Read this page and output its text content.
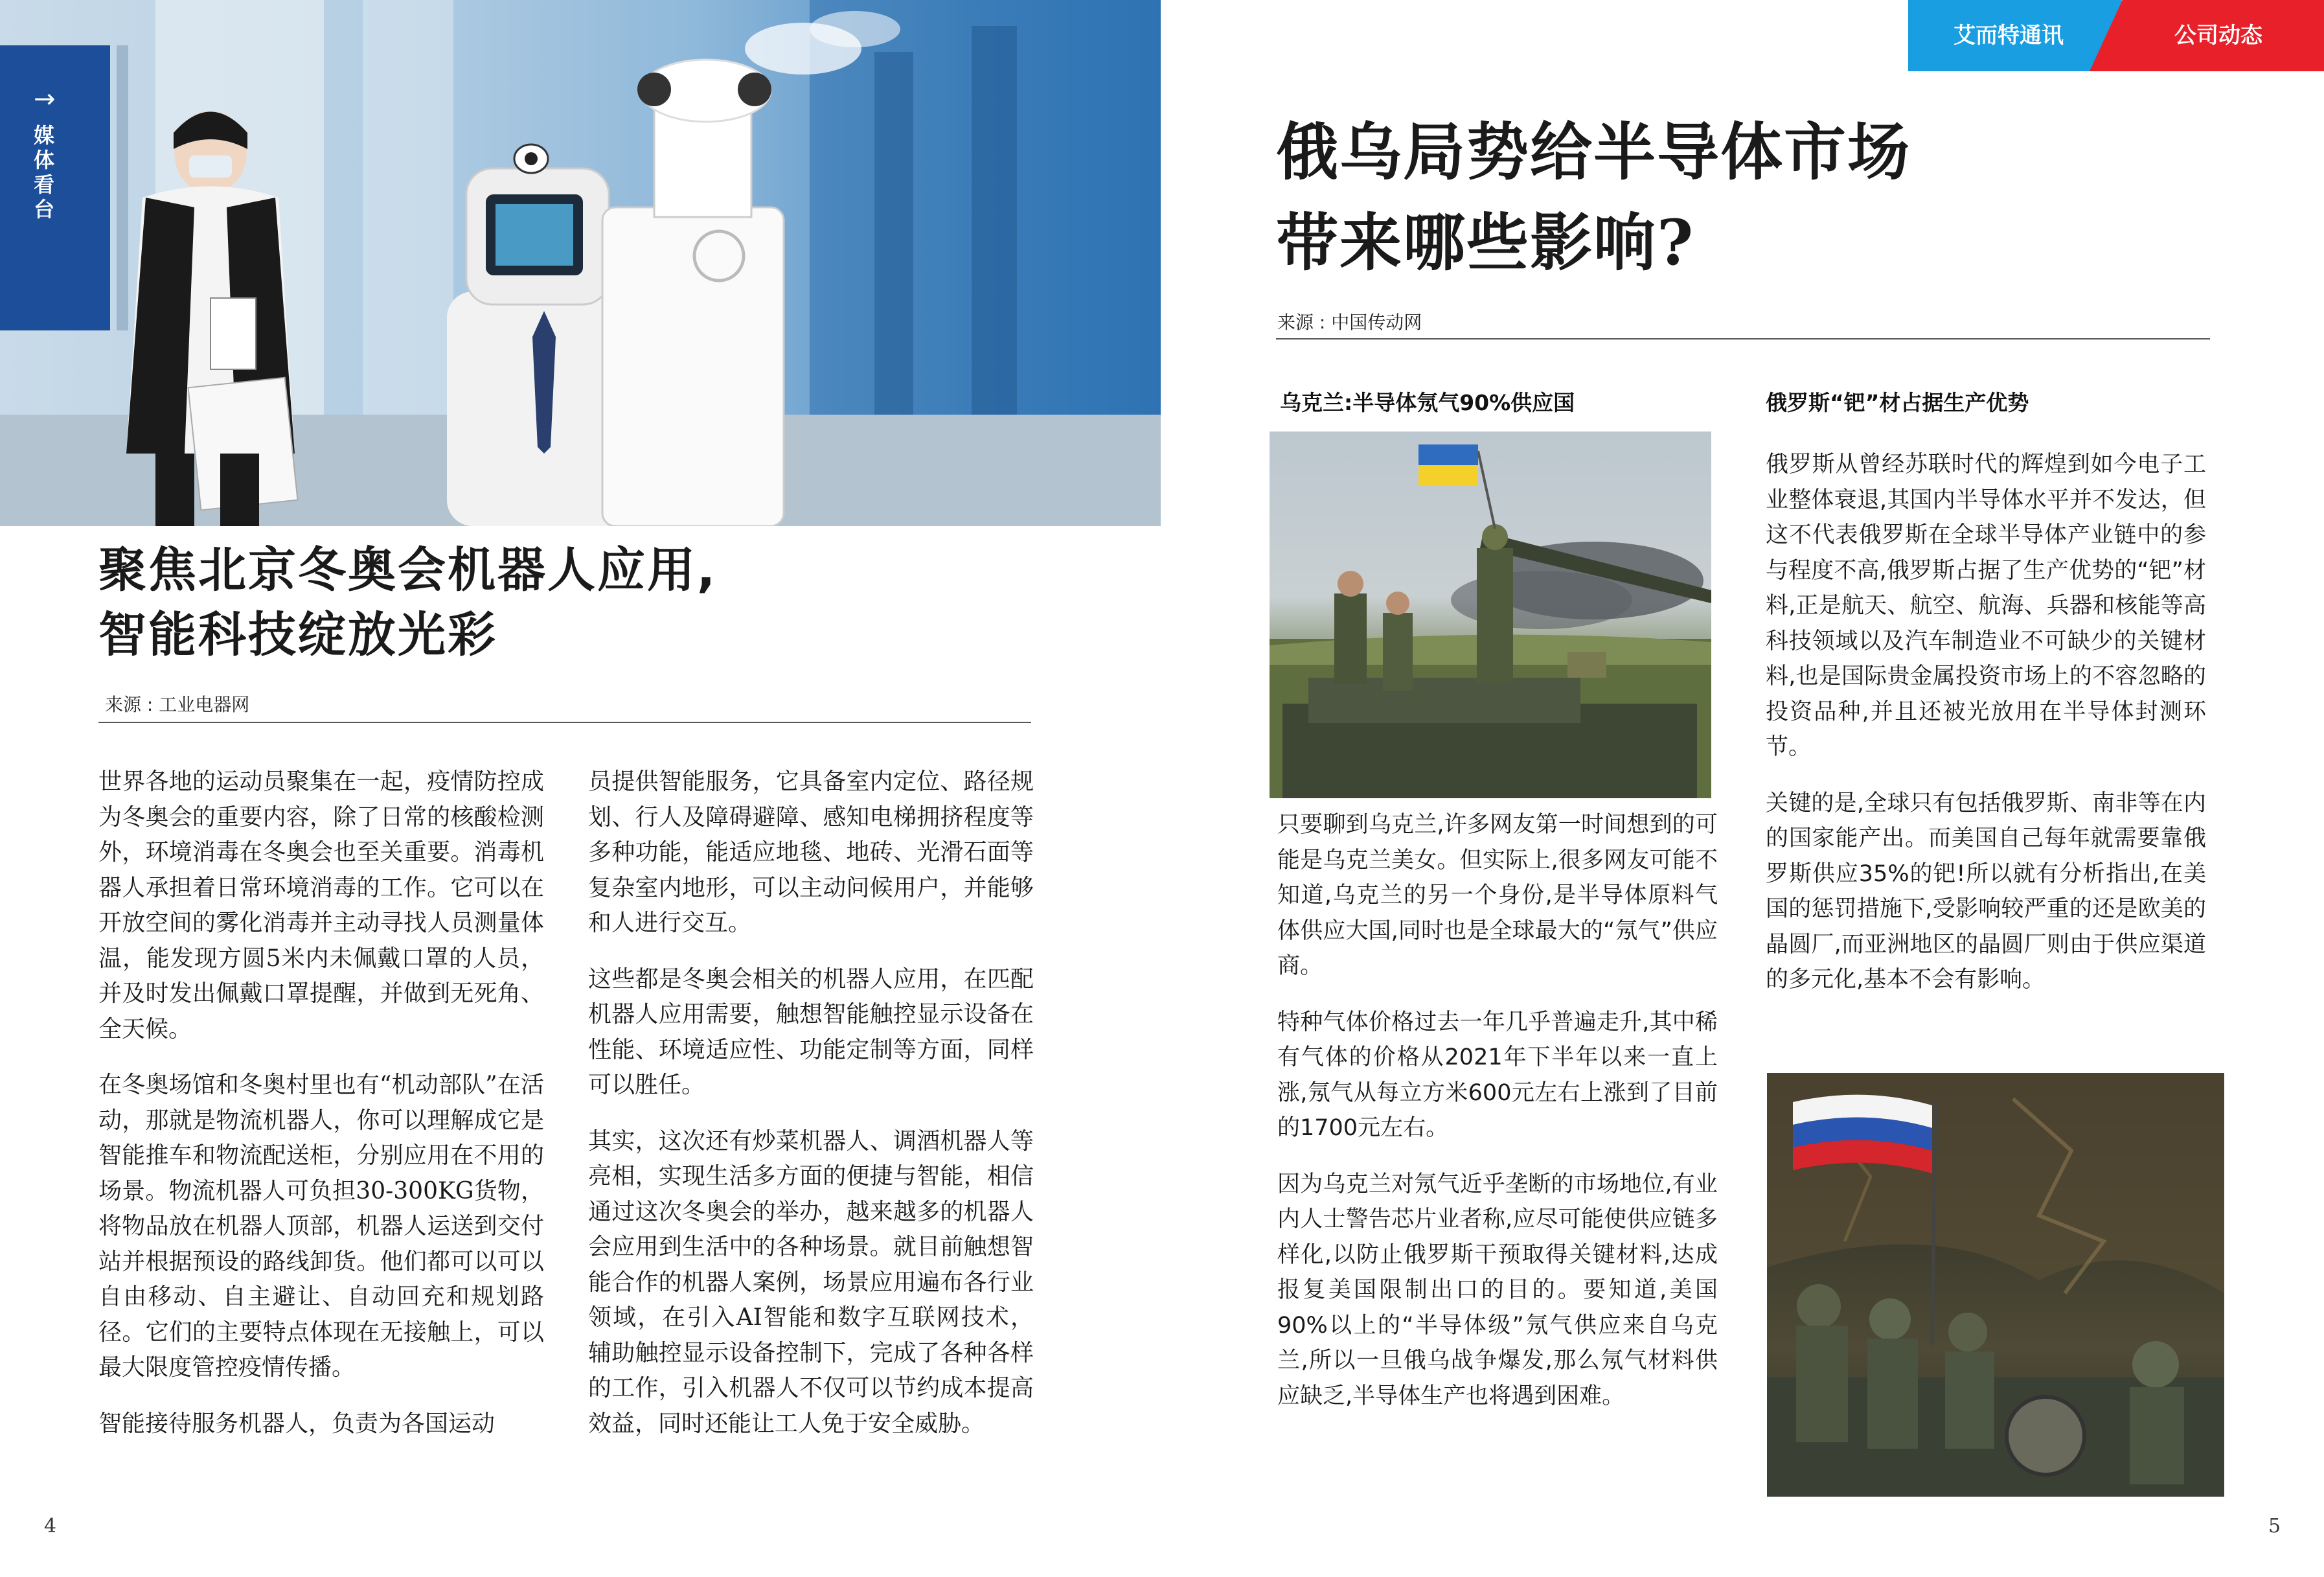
艾而特通讯	公司动态
媒体看台
→
聚焦北京冬奥会机器人应用,
智能科技绽放光彩
来源 : 工业电器网

世界各地的运动员聚集在一起，疫情防控成为冬奥会的重要内容，除了日常的核酸检测外，环境消毒在冬奥会也至关重要。消毒机器人承担着日常环境消毒的工作。它可以在开放空间的雾化消毒并主动寻找人员测量体温，能发现方圆5米内未佩戴口罩的人员，并及时发出佩戴口罩提醒，并做到无死角、全天候。

在冬奥场馆和冬奥村里也有“机动部队”在活动，那就是物流机器人，你可以理解成它是智能推车和物流配送柜，分别应用在不用的场景。物流机器人可负担30-300KG货物，将物品放在机器人顶部，机器人运送到交付站并根据预设的路线卸货。他们都可以可以自由移动、自主避让、自动回充和规划路径。它们的主要特点体现在无接触上，可以最大限度管控疫情传播。

智能接待服务机器人，负责为各国运动

员提供智能服务，它具备室内定位、路径规划、行人及障碍避障、感知电梯拥挤程度等多种功能，能适应地毯、地砖、光滑石面等复杂室内地形，可以主动问候用户，并能够和人进行交互。

这些都是冬奥会相关的机器人应用，在匹配机器人应用需要，触想智能触控显示设备在性能、环境适应性、功能定制等方面，同样可以胜任。

其实，这次还有炒菜机器人、调酒机器人等亮相，实现生活多方面的便捷与智能，相信通过这次冬奥会的举办，越来越多的机器人会应用到生活中的各种场景。就目前触想智能合作的机器人案例，场景应用遍布各行业领域，在引入AI智能和数字互联网技术，辅助触控显示设备控制下，完成了各种各样的工作，引入机器人不仅可以节约成本提高效益，同时还能让工人免于安全威胁。

4
俄乌局势给半导体市场
带来哪些影响?
来源 : 中国传动网
乌克兰:半导体氖气90%供应国

只要聊到乌克兰,许多网友第一时间想到的可能是乌克兰美女。但实际上,很多网友可能不知道,乌克兰的另一个身份,是半导体原料气体供应大国,同时也是全球最大的“氖气”供应商。

特种气体价格过去一年几乎普遍走升,其中稀有气体的价格从2021年下半年以来一直上涨,氖气从每立方米600元左右上涨到了目前的1700元左右。

因为乌克兰对氖气近乎垄断的市场地位,有业内人士警告芯片业者称,应尽可能使供应链多样化,以防止俄罗斯干预取得关键材料,达成报复美国限制出口的目的。要知道,美国90%以上的“半导体级”氖气供应来自乌克兰,所以一旦俄乌战争爆发,那么氖气材料供应缺乏,半导体生产也将遇到困难。

俄罗斯“钯”材占据生产优势

俄罗斯从曾经苏联时代的辉煌到如今电子工业整体衰退,其国内半导体水平并不发达，但这不代表俄罗斯在全球半导体产业链中的参与程度不高,俄罗斯占据了生产优势的“钯”材料,正是航天、航空、航海、兵器和核能等高科技领域以及汽车制造业不可缺少的关键材料,也是国际贵金属投资市场上的不容忽略的投资品种,并且还被光放用在半导体封测环节。

关键的是,全球只有包括俄罗斯、南非等在内的国家能产出。而美国自己每年就需要靠俄罗斯供应35%的钯!所以就有分析指出,在美国的惩罚措施下,受影响较严重的还是欧美的晶圆厂,而亚洲地区的晶圆厂则由于供应渠道的多元化,基本不会有影响。

5
